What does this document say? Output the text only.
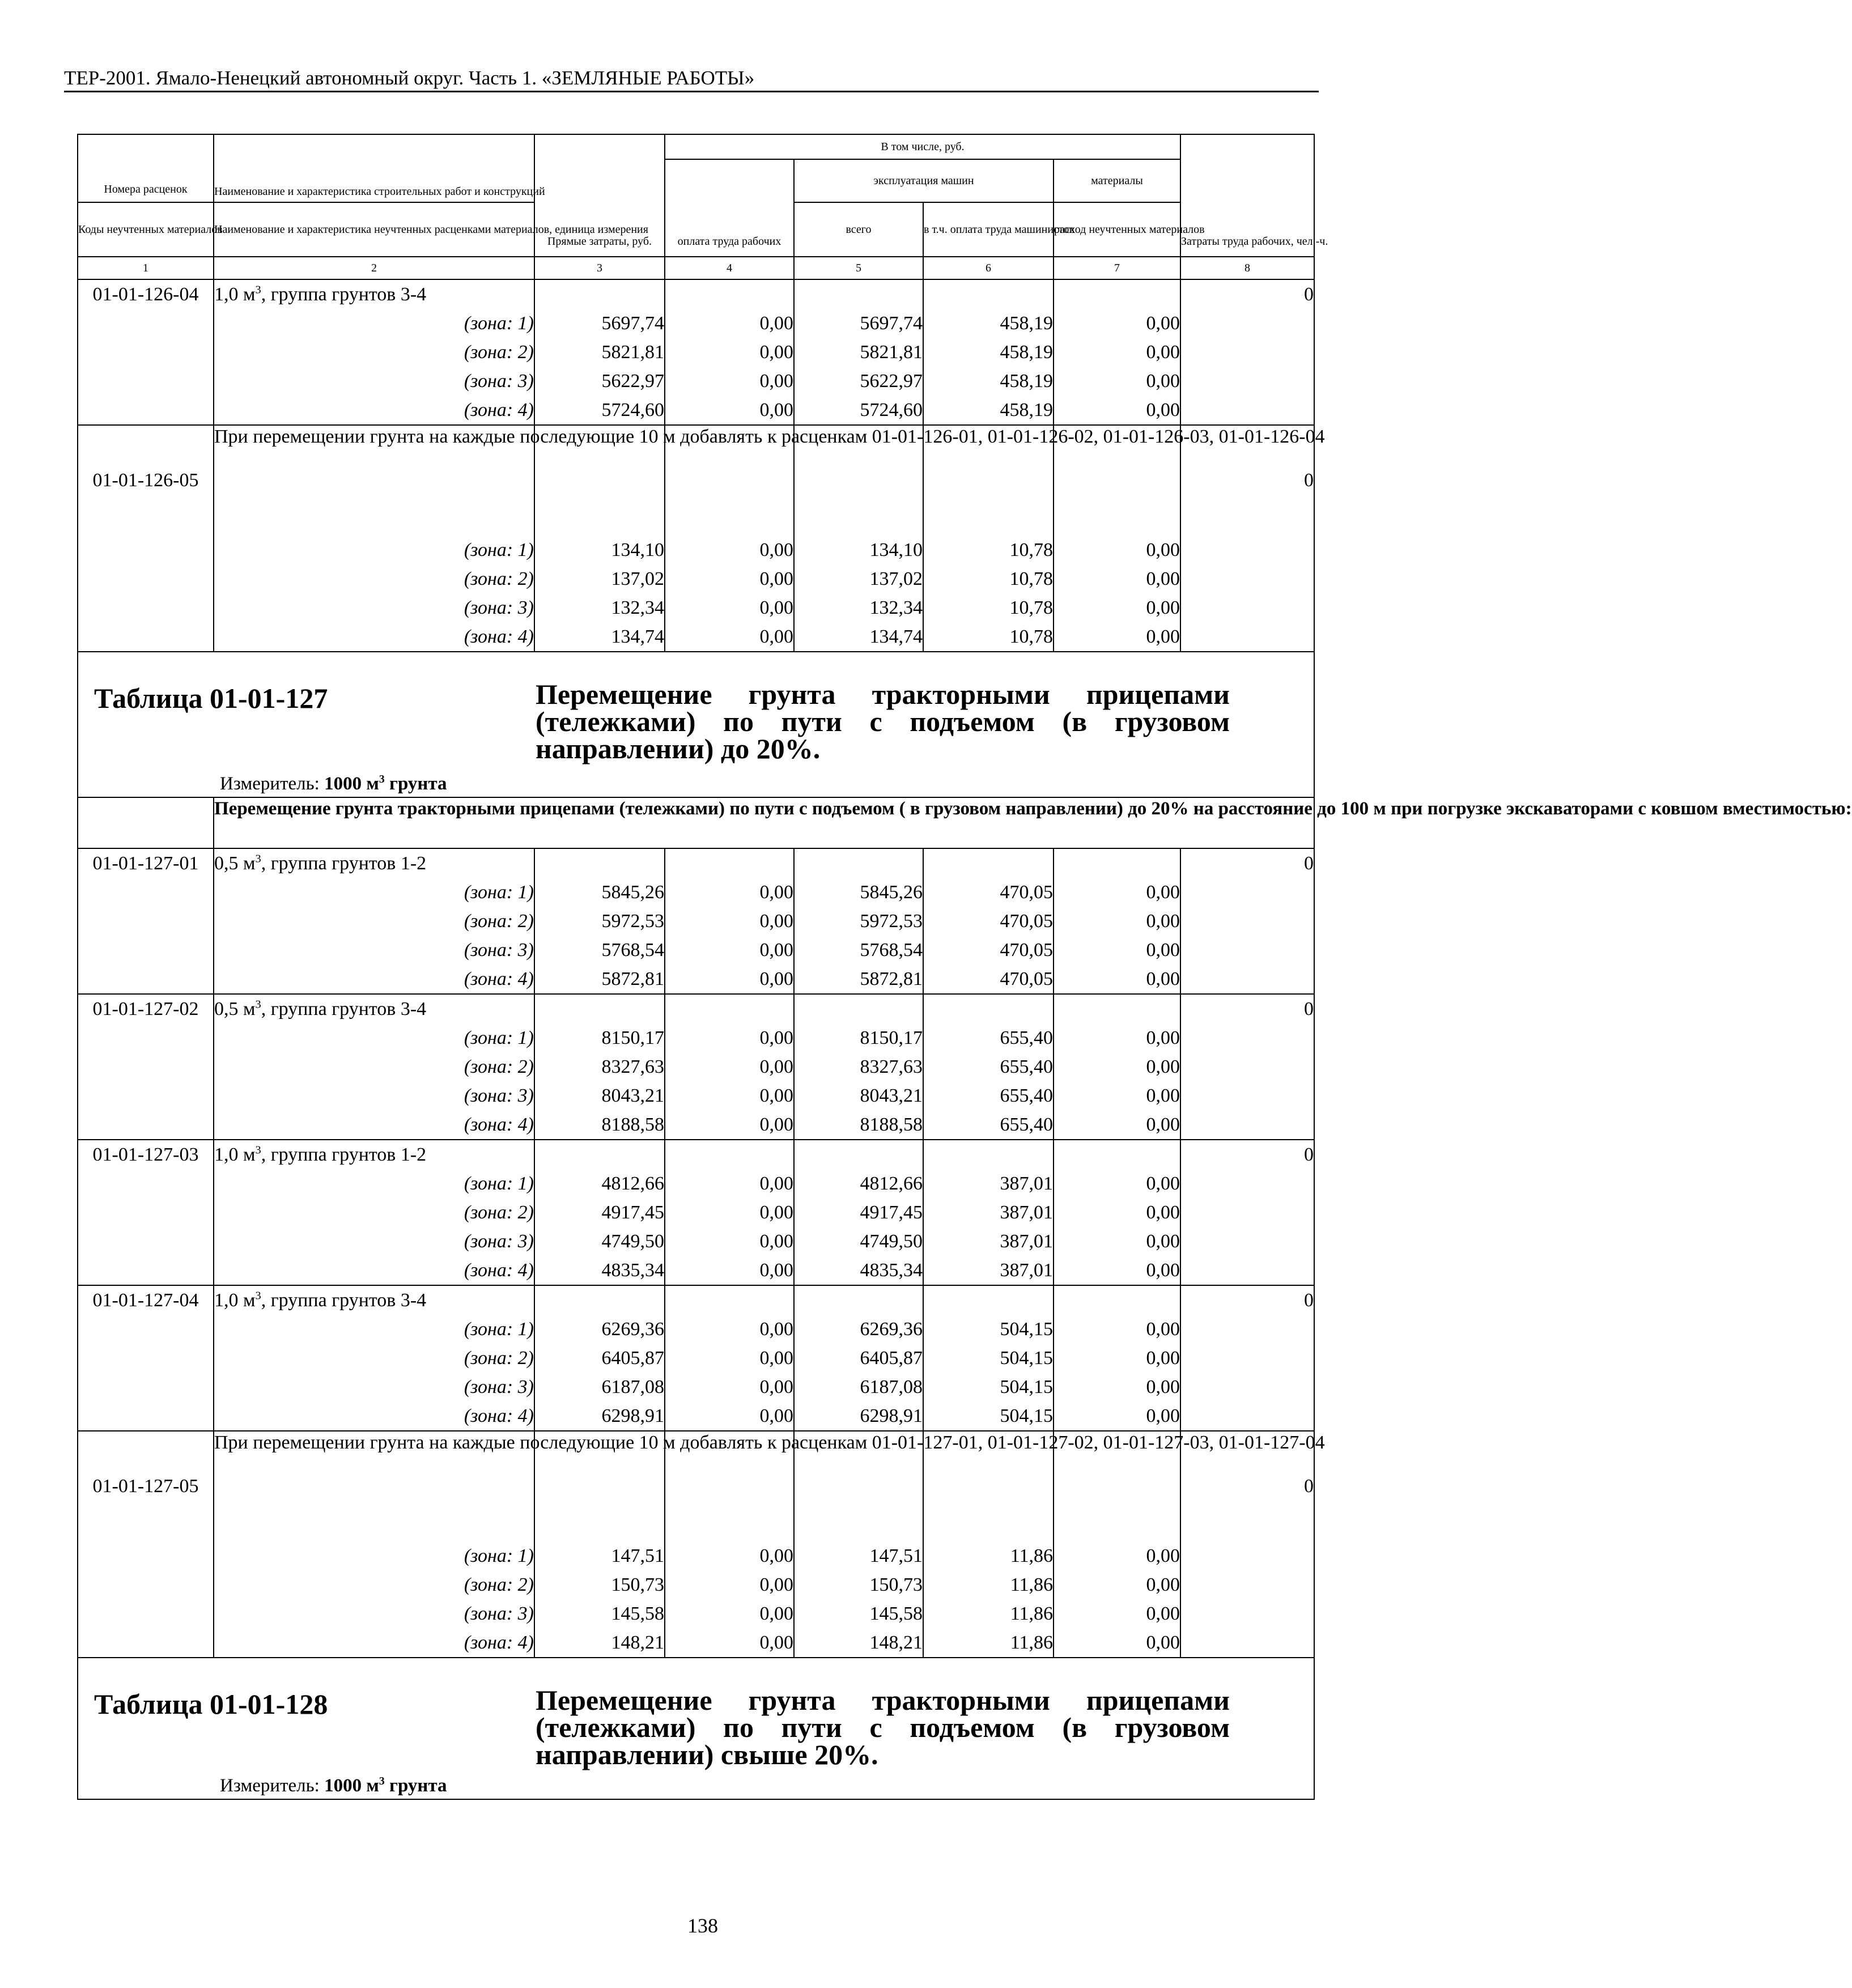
ТЕР-2001. Ямало-Ненецкий автономный округ. Часть 1. «ЗЕМЛЯНЫЕ РАБОТЫ»
Номера расценок	Наименование и характеристика строительных работ и конструкций	Прямые затраты, руб.	В том числе, руб.				Затраты труда рабочих, чел.-ч.
			оплата труда рабочих	эксплуатация машин		материалы	
Коды неучтенных материалов	Наименование и характеристика неучтенных расценками материалов, единица измерения			всего	в т.ч. оплата труда машинистов	расход неучтенных материалов	
1	2	3	4	5	6	7	8
01-01-126-04	1,0 $м^3$, группа грунтов 3-4						0
	(зона: 1)	5697,74	0,00	5697,74	458,19	0,00	
	(зона: 2)	5821,81	0,00	5821,81	458,19	0,00	
	(зона: 3)	5622,97	0,00	5622,97	458,19	0,00	
	(зона: 4)	5724,60	0,00	5724,60	458,19	0,00	
01-01-126-05	При перемещении грунта на каждые последующие 10 м добавлять к расценкам 01-01-126-01, 01-01-126-02, 01-01-126-03, 01-01-126-04						0
	(зона: 1)	134,10	0,00	134,10	10,78	0,00	
	(зона: 2)	137,02	0,00	137,02	10,78	0,00	
	(зона: 3)	132,34	0,00	132,34	10,78	0,00	
	(зона: 4)	134,74	0,00	134,74	10,78	0,00	

Таблица 01-01-127 Перемещение грунта тракторными прицепами (тележками) по пути с подъемом (в грузовом направлении) до 20%.
Измеритель: 1000 $м^3$ грунта							

	Перемещение грунта тракторными прицепами (тележками) по пути с подъемом ( в грузовом направлении) до 20% на расстояние до 100 м при погрузке экскаваторами с ковшом вместимостью:						
01-01-127-01	0,5 $м^3$, группа грунтов 1-2						0
	(зона: 1)	5845,26	0,00	5845,26	470,05	0,00	
	(зона: 2)	5972,53	0,00	5972,53	470,05	0,00	
	(зона: 3)	5768,54	0,00	5768,54	470,05	0,00	
	(зона: 4)	5872,81	0,00	5872,81	470,05	0,00	
01-01-127-02	0,5 $м^3$, группа грунтов 3-4						0
	(зона: 1)	8150,17	0,00	8150,17	655,40	0,00	
	(зона: 2)	8327,63	0,00	8327,63	655,40	0,00	
	(зона: 3)	8043,21	0,00	8043,21	655,40	0,00	
	(зона: 4)	8188,58	0,00	8188,58	655,40	0,00	
01-01-127-03	1,0 $м^3$, группа грунтов 1-2						0
	(зона: 1)	4812,66	0,00	4812,66	387,01	0,00	
	(зона: 2)	4917,45	0,00	4917,45	387,01	0,00	
	(зона: 3)	4749,50	0,00	4749,50	387,01	0,00	
	(зона: 4)	4835,34	0,00	4835,34	387,01	0,00	
01-01-127-04	1,0 $м^3$, группа грунтов 3-4						0
	(зона: 1)	6269,36	0,00	6269,36	504,15	0,00	
	(зона: 2)	6405,87	0,00	6405,87	504,15	0,00	
	(зона: 3)	6187,08	0,00	6187,08	504,15	0,00	
	(зона: 4)	6298,91	0,00	6298,91	504,15	0,00	
01-01-127-05	При перемещении грунта на каждые последующие 10 м добавлять к расценкам 01-01-127-01, 01-01-127-02, 01-01-127-03, 01-01-127-04						0
	(зона: 1)	147,51	0,00	147,51	11,86	0,00	
	(зона: 2)	150,73	0,00	150,73	11,86	0,00	
	(зона: 3)	145,58	0,00	145,58	11,86	0,00	
	(зона: 4)	148,21	0,00	148,21	11,86	0,00	

Таблица 01-01-128 Перемещение грунта тракторными прицепами (тележками) по пути с подъемом (в грузовом направлении) свыше 20%.
Измеритель: 1000 $м^3$ грунта							
138
